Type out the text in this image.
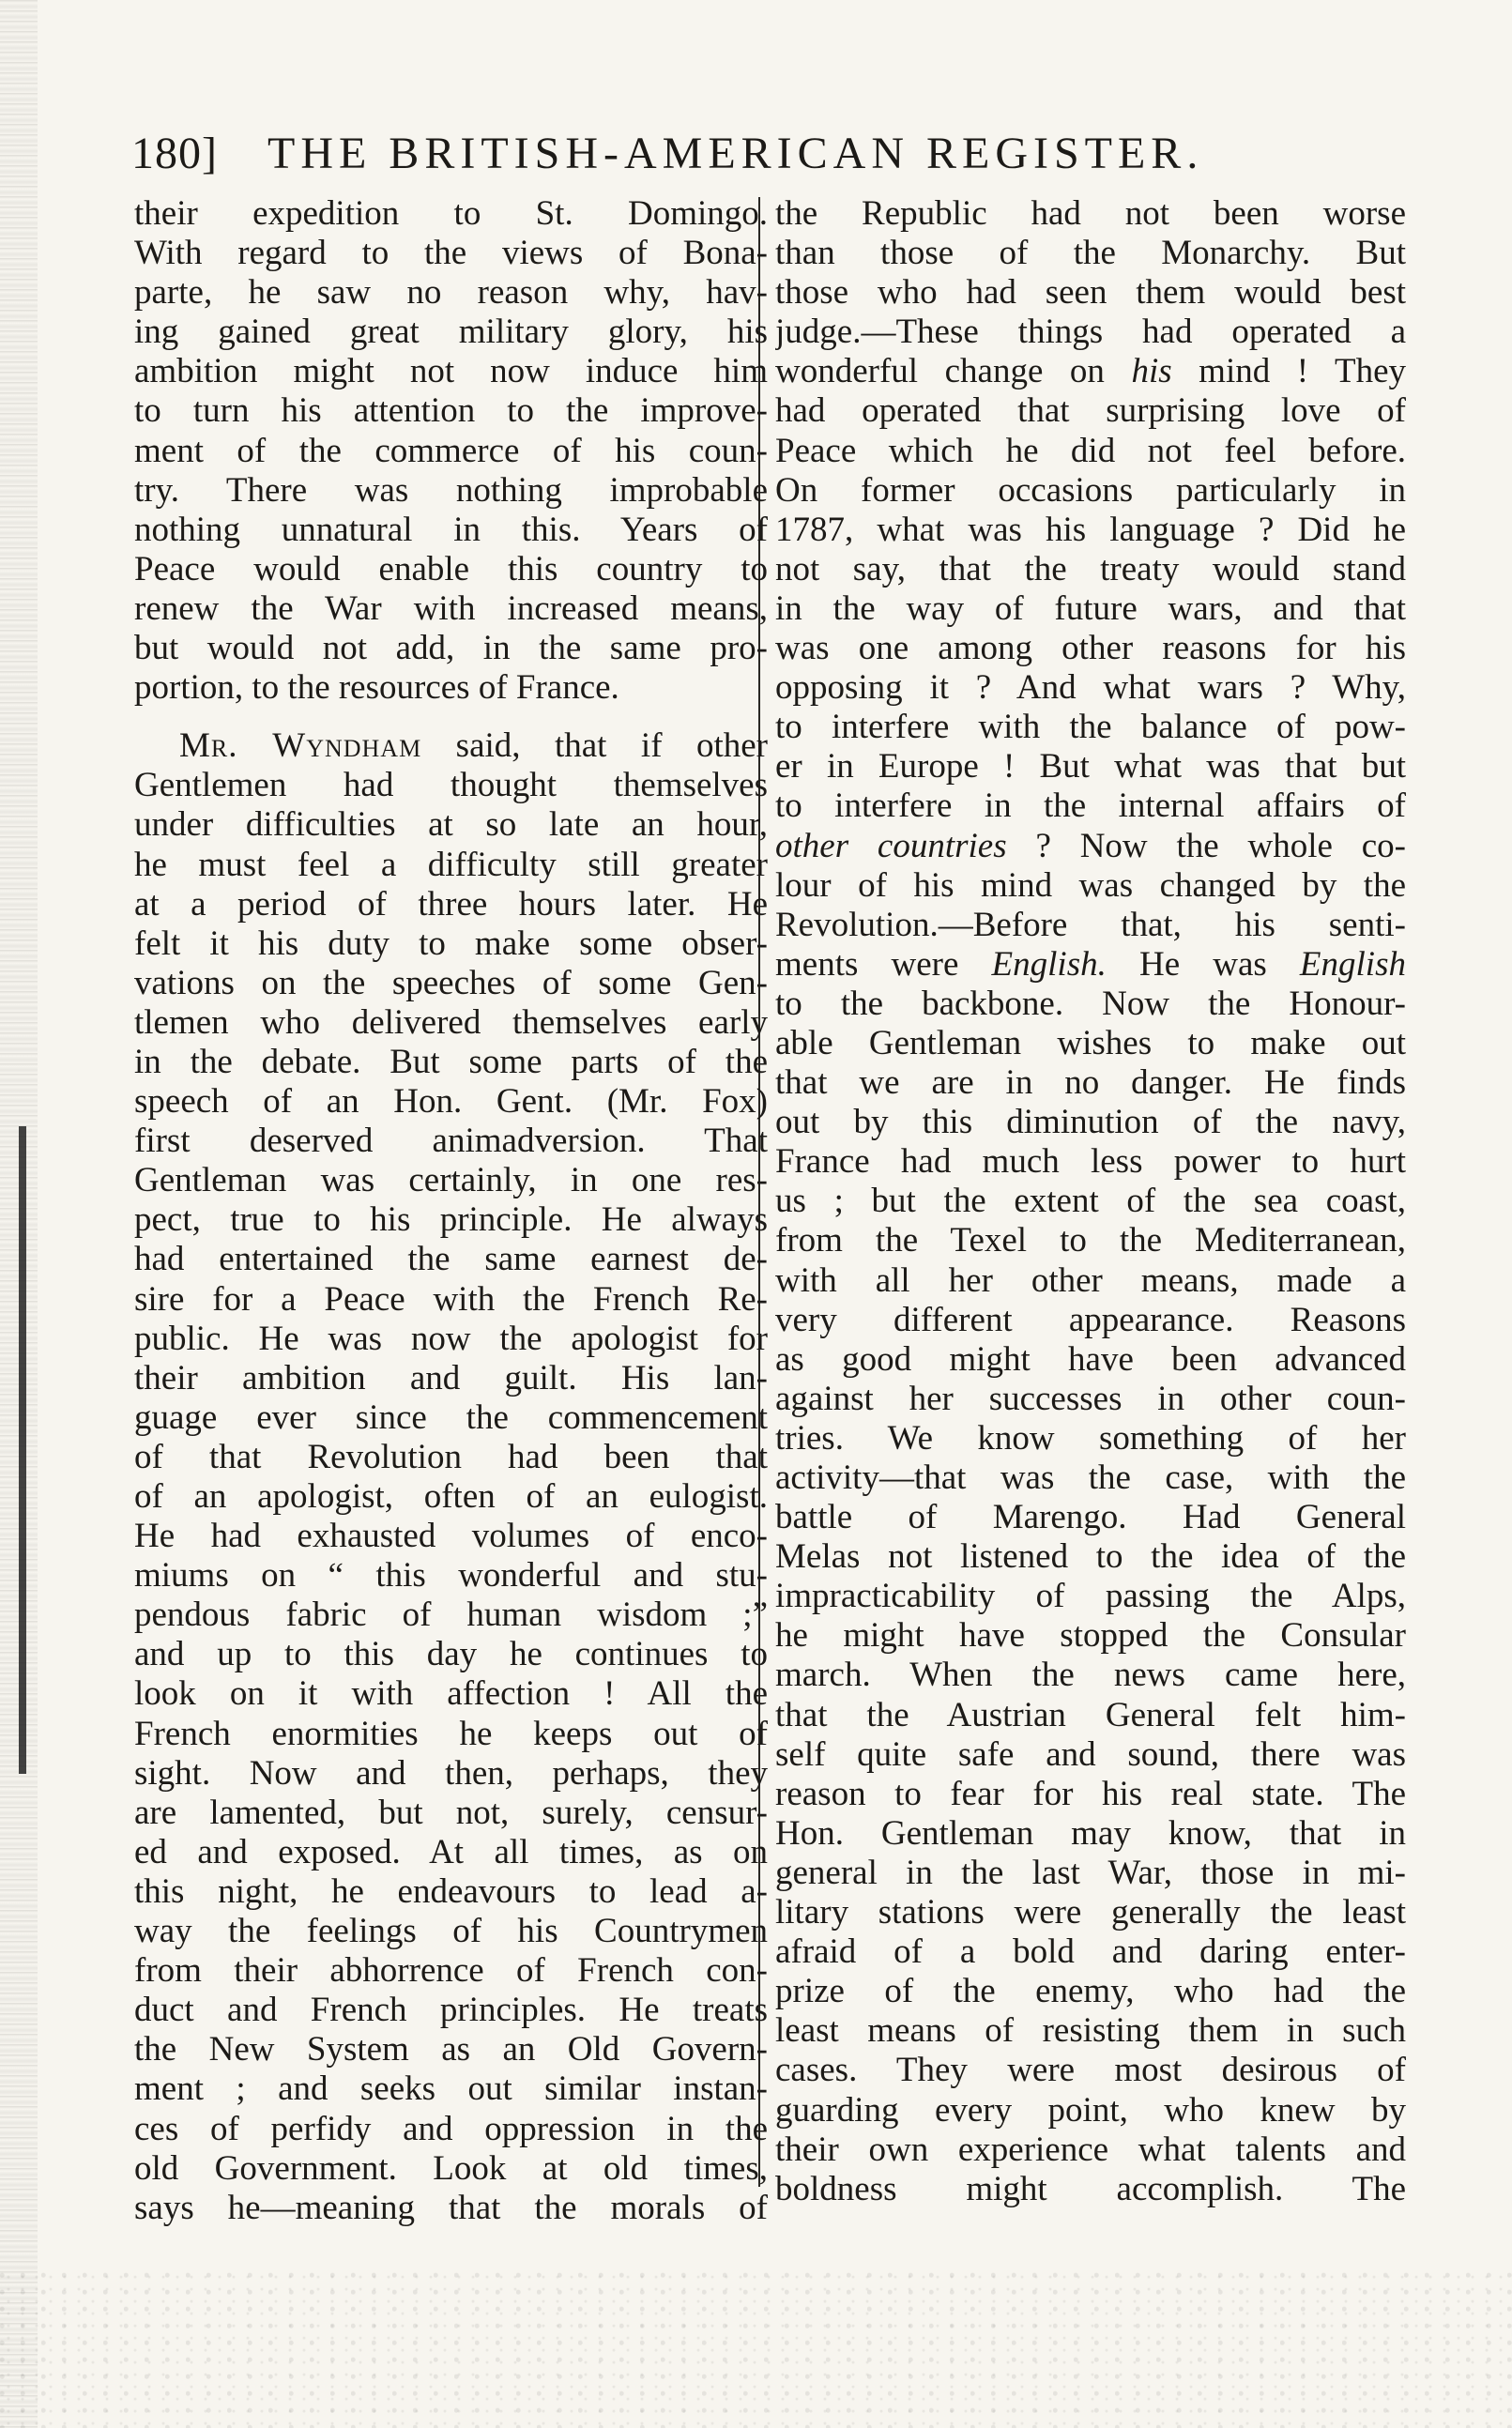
180] THE BRITISH-AMERICAN REGISTER.
their expedition to St. Domingo.
With regard to the views of Bona-
parte, he saw no reason why, hav-
ing gained great military glory, his
ambition might not now induce him
to turn his attention to the improve-
ment of the commerce of his coun-
try. There was nothing improbable
nothing unnatural in this. Years of
Peace would enable this country to
renew the War with increased means,
but would not add, in the same pro-
portion, to the resources of France.
Mr. Wyndham said, that if other
Gentlemen had thought themselves
under difficulties at so late an hour,
he must feel a difficulty still greater
at a period of three hours later. He
felt it his duty to make some obser-
vations on the speeches of some Gen-
tlemen who delivered themselves early
in the debate. But some parts of the
speech of an Hon. Gent. (Mr. Fox)
first deserved animadversion. That
Gentleman was certainly, in one res-
pect, true to his principle. He always
had entertained the same earnest de-
sire for a Peace with the French Re-
public. He was now the apologist for
their ambition and guilt. His lan-
guage ever since the commencement
of that Revolution had been that
of an apologist, often of an eulogist.
He had exhausted volumes of enco-
miums on “ this wonderful and stu-
pendous fabric of human wisdom ;”
and up to this day he continues to
look on it with affection ! All the
French enormities he keeps out of
sight. Now and then, perhaps, they
are lamented, but not, surely, censur-
ed and exposed. At all times, as on
this night, he endeavours to lead a-
way the feelings of his Countrymen
from their abhorrence of French con-
duct and French principles. He treats
the New System as an Old Govern-
ment ; and seeks out similar instan-
ces of perfidy and oppression in the
old Government. Look at old times,
says he—meaning that the morals of
the Republic had not been worse
than those of the Monarchy. But
those who had seen them would best
judge.—These things had operated a
wonderful change on his mind ! They
had operated that surprising love of
Peace which he did not feel before.
On former occasions particularly in
1787, what was his language ? Did he
not say, that the treaty would stand
in the way of future wars, and that
was one among other reasons for his
opposing it ? And what wars ? Why,
to interfere with the balance of pow-
er in Europe ! But what was that but
to interfere in the internal affairs of
other countries ? Now the whole co-
lour of his mind was changed by the
Revolution.—Before that, his senti-
ments were English. He was English
to the backbone. Now the Honour-
able Gentleman wishes to make out
that we are in no danger. He finds
out by this diminution of the navy,
France had much less power to hurt
us ; but the extent of the sea coast,
from the Texel to the Mediterranean,
with all her other means, made a
very different appearance. Reasons
as good might have been advanced
against her successes in other coun-
tries. We know something of her
activity—that was the case, with the
battle of Marengo. Had General
Melas not listened to the idea of the
impracticability of passing the Alps,
he might have stopped the Consular
march. When the news came here,
that the Austrian General felt him-
self quite safe and sound, there was
reason to fear for his real state. The
Hon. Gentleman may know, that in
general in the last War, those in mi-
litary stations were generally the least
afraid of a bold and daring enter-
prize of the enemy, who had the
least means of resisting them in such
cases. They were most desirous of
guarding every point, who knew by
their own experience what talents and
boldness might accomplish. The
